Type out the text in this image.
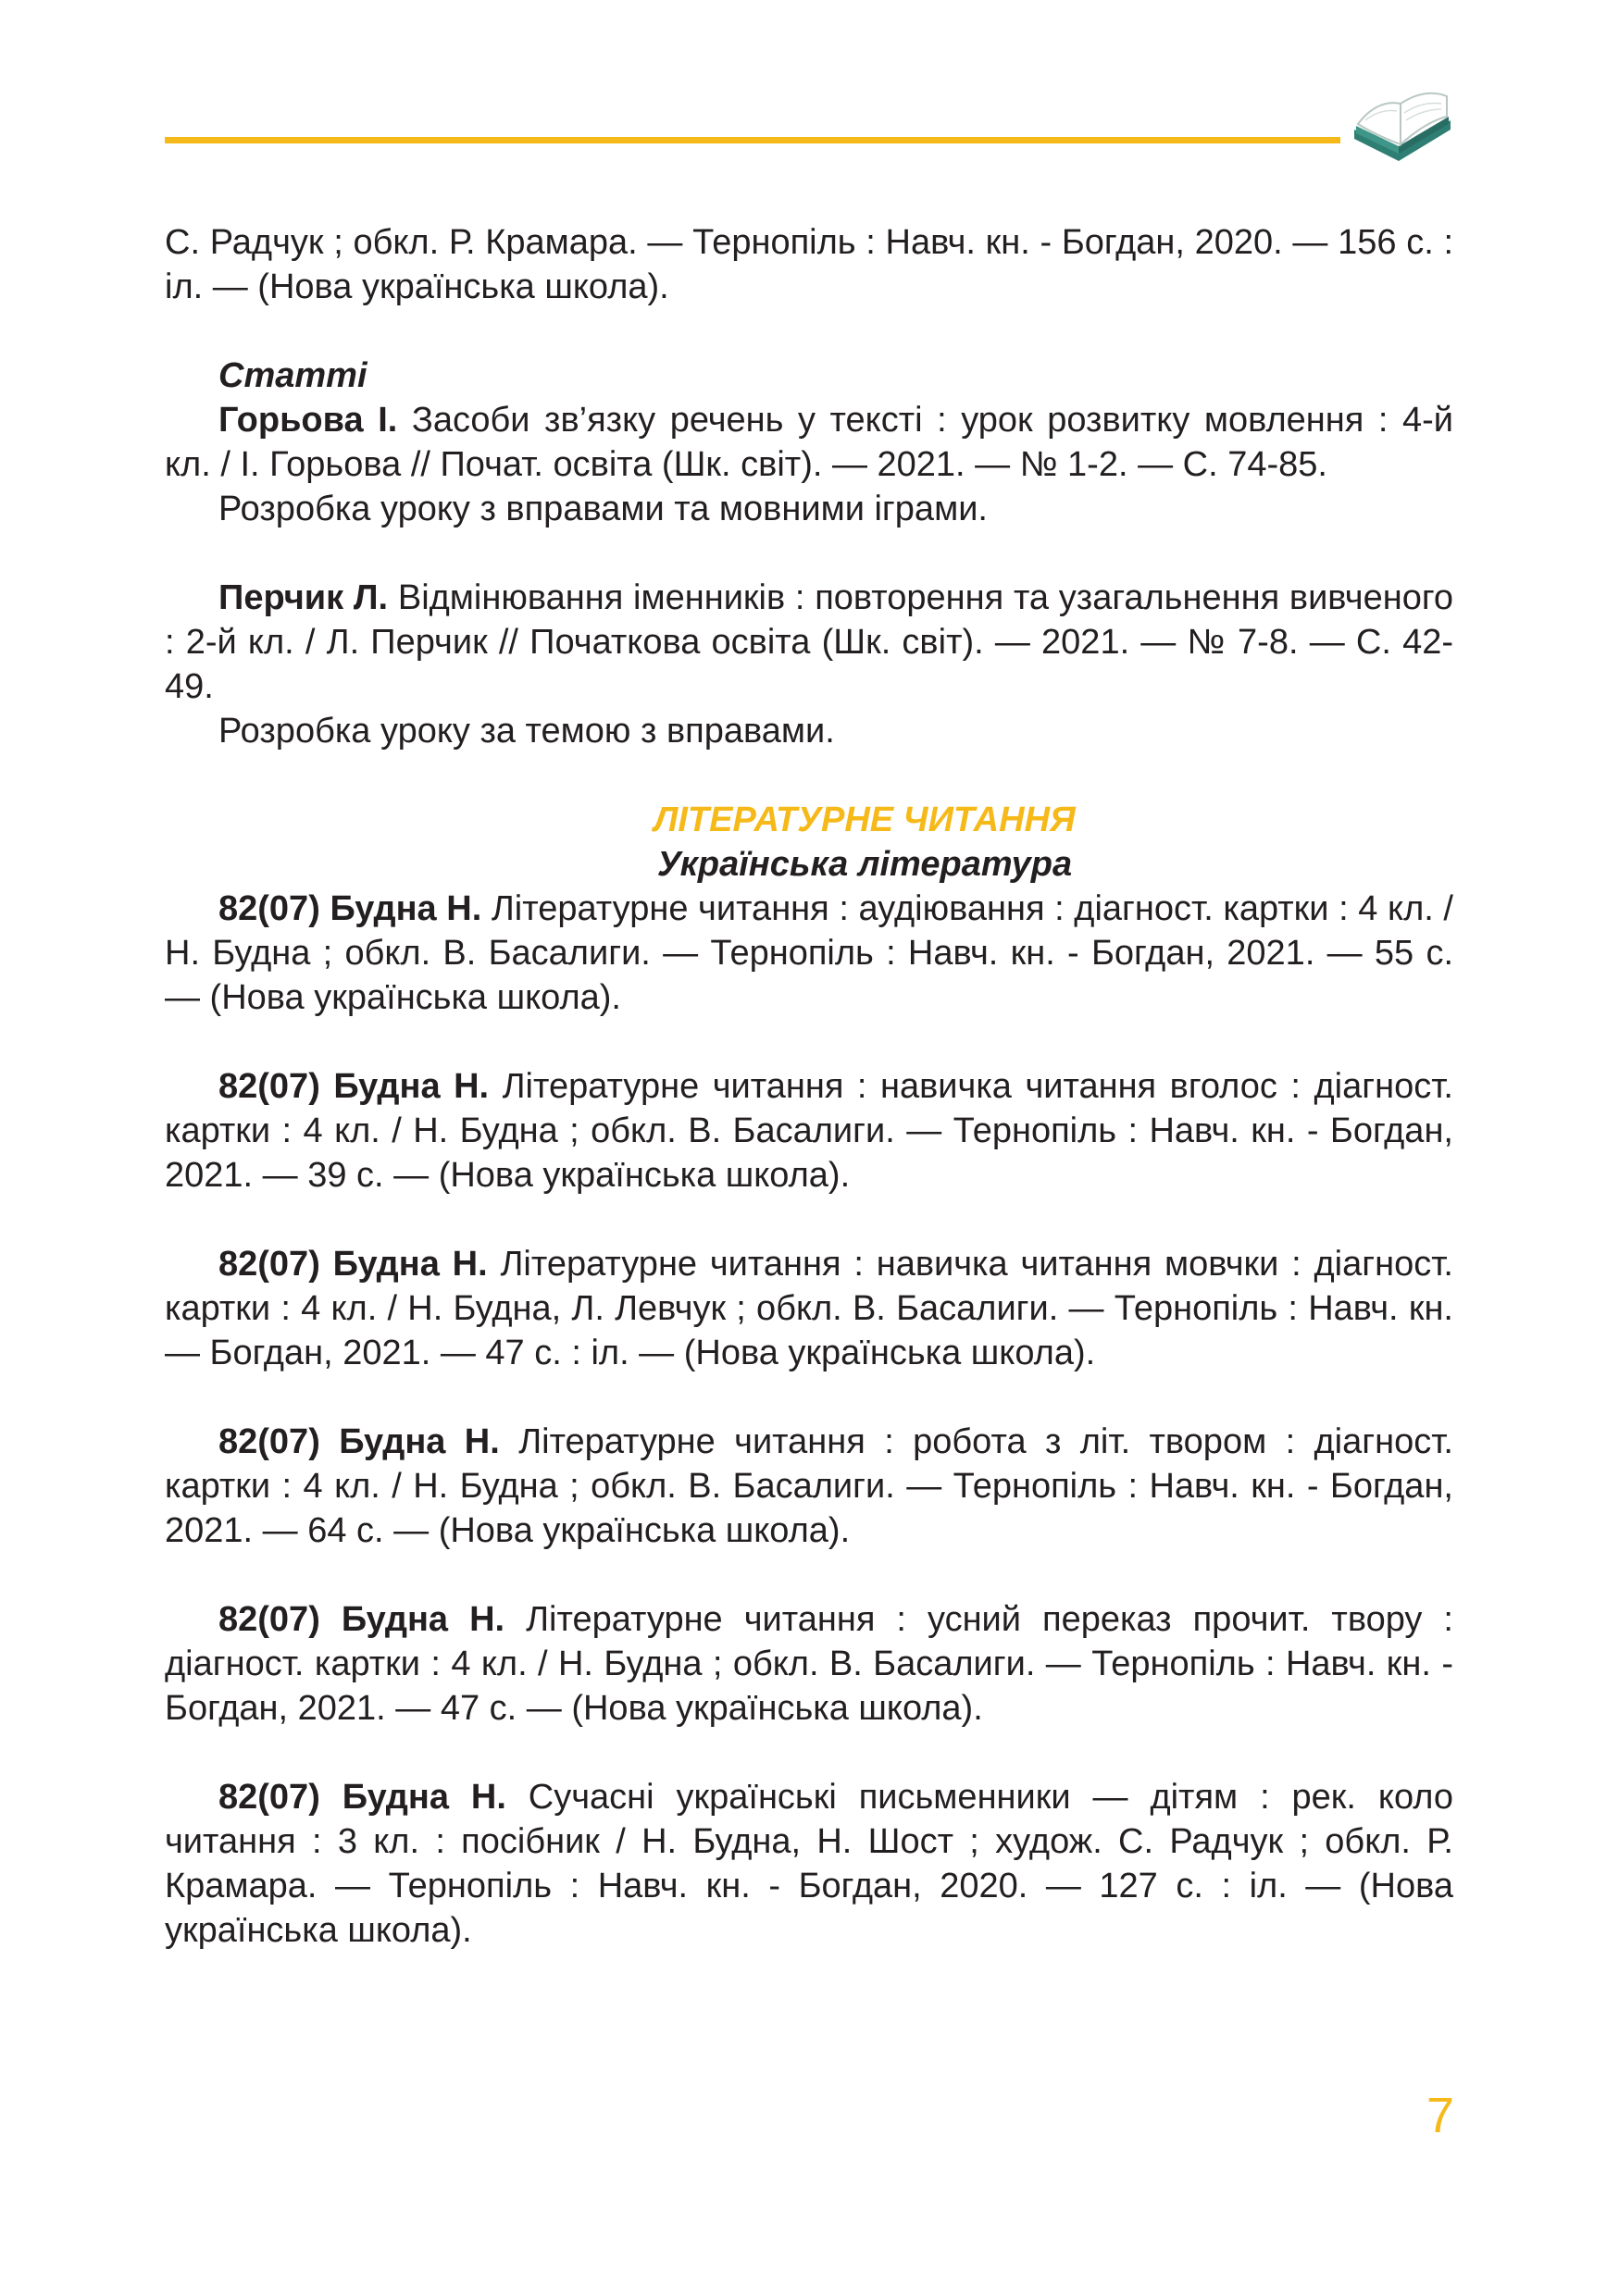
С. Радчук ; обкл. Р. Крамара. — Тернопіль : Навч. кн. - Богдан, 2020. — 156 с. : іл. — (Нова українська школа).

Статті

Горьова І. Засоби зв’язку речень у тексті : урок розвитку мовлення : 4-й кл. / І. Горьова // Почат. освіта (Шк. світ). — 2021. — № 1-2. — С. 74-85.

Розробка уроку з вправами та мовними іграми.

Перчик Л. Відмінювання іменників : повторення та узагальнення вивченого : 2-й кл. / Л. Перчик // Початкова освіта (Шк. світ). — 2021. — № 7-8. — С. 42-49.

Розробка уроку за темою з вправами.

ЛІТЕРАТУРНЕ ЧИТАННЯ

Українська література

82(07) Будна Н. Літературне читання : аудіювання : діагност. картки : 4 кл. / Н. Будна ; обкл. В. Басалиги. — Тернопіль : Навч. кн. - Богдан, 2021. — 55 с. — (Нова українська школа).

82(07) Будна Н. Літературне читання : навичка читання вголос : діагност. картки : 4 кл. / Н. Будна ; обкл. В. Басалиги. — Тернопіль : Навч. кн. - Богдан, 2021. — 39 с. — (Нова українська школа).

82(07) Будна Н. Літературне читання : навичка читання мовчки : діагност. картки : 4 кл. / Н. Будна, Л. Левчук ; обкл. В. Басалиги. — Тернопіль : Навч. кн. — Богдан, 2021. — 47 с. : іл. — (Нова українська школа).

82(07) Будна Н. Літературне читання : робота з літ. твором : діагност. картки : 4 кл. / Н. Будна ; обкл. В. Басалиги. — Тернопіль : Навч. кн. - Богдан, 2021. — 64 с. — (Нова українська школа).

82(07) Будна Н. Літературне читання : усний переказ прочит. твору : діагност. картки : 4 кл. / Н. Будна ; обкл. В. Басалиги. — Тернопіль : Навч. кн. - Богдан, 2021. — 47 с. — (Нова українська школа).

82(07) Будна Н. Сучасні українські письменники — дітям : рек. коло читання : 3 кл. : посібник / Н. Будна, Н. Шост ; худож. С. Радчук ; обкл. Р. Крамара. — Тернопіль : Навч. кн. - Богдан, 2020. — 127 с. : іл. — (Нова українська школа).

7
